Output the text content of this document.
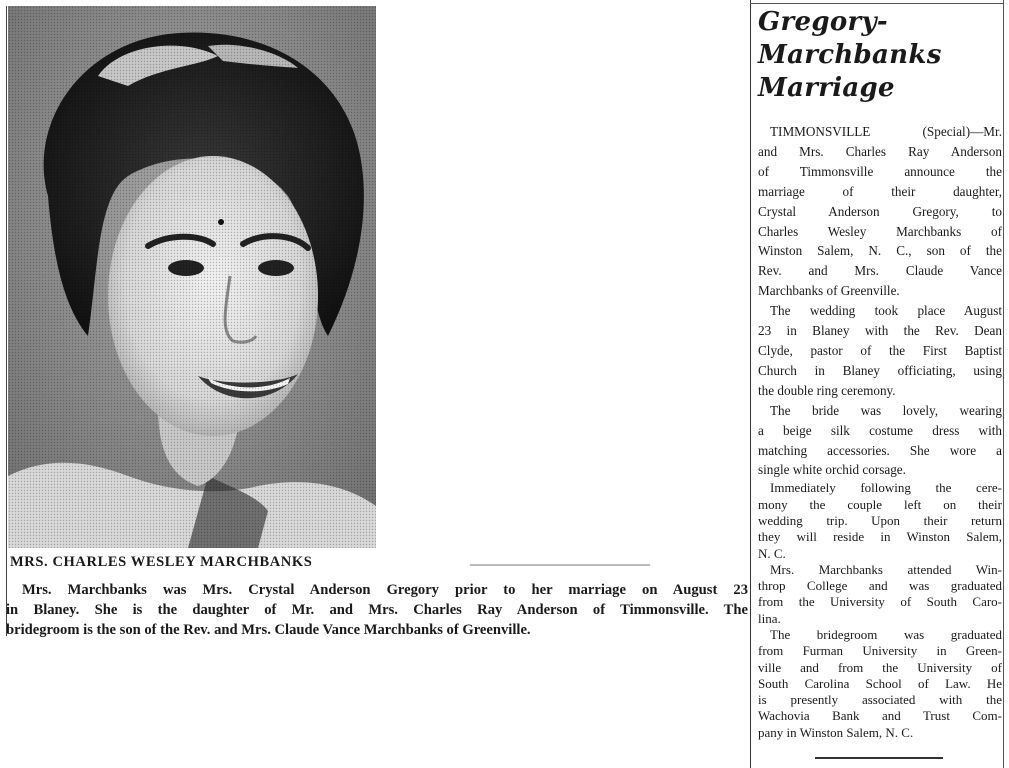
MRS. CHARLES WESLEY MARCHBANKS
Mrs. Marchbanks was Mrs. Crystal Anderson Gregory prior to her marriage on August 23
in Blaney. She is the daughter of Mr. and Mrs. Charles Ray Anderson of Timmonsville. The
bridegroom is the son of the Rev. and Mrs. Claude Vance Marchbanks of Greenville.
Gregory-
Marchbanks
Marriage
TIMMONSVILLE (Special)—Mr.
and Mrs. Charles Ray Anderson
of Timmonsville announce the
marriage of their daughter,
Crystal Anderson Gregory, to
Charles Wesley Marchbanks of
Winston Salem, N. C., son of the
Rev. and Mrs. Claude Vance
Marchbanks of Greenville.
The wedding took place August
23 in Blaney with the Rev. Dean
Clyde, pastor of the First Baptist
Church in Blaney officiating, using
the double ring ceremony.
The bride was lovely, wearing
a beige silk costume dress with
matching accessories. She wore a
single white orchid corsage.
Immediately following the cere-
mony the couple left on their
wedding trip. Upon their return
they will reside in Winston Salem,
N. C.
Mrs. Marchbanks attended Win-
throp College and was graduated
from the University of South Caro-
lina.
The bridegroom was graduated
from Furman University in Green-
ville and from the University of
South Carolina School of Law. He
is presently associated with the
Wachovia Bank and Trust Com-
pany in Winston Salem, N. C.
